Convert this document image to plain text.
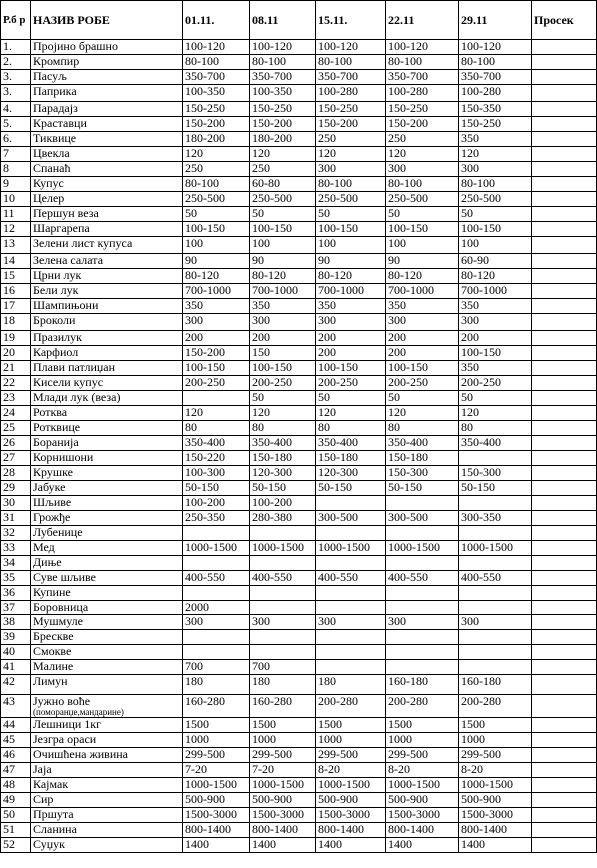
Р.б р	НАЗИВ РОБЕ	01.11.	08.11	15.11.	22.11	29.11	Просек
1.	Пројино брашно	100-120	100-120	100-120	100-120	100-120	
2.	Кромпир	80-100	80-100	80-100	80-100	80-100	
3.	Пасуљ	350-700	350-700	350-700	350-700	350-700	
3.	Паприка	100-350	100-350	100-280	100-280	100-280	
4.	Парадајз	150-250	150-250	150-250	150-250	150-350	
5.	Краставци	150-200	150-200	150-200	150-200	150-250	
6.	Тиквице	180-200	180-200	250	250	350	
7	Цвекла	120	120	120	120	120	
8	Спанаћ	250	250	300	300	300	
9	Купус	80-100	60-80	80-100	80-100	80-100	
10	Целер	250-500	250-500	250-500	250-500	250-500	
11	Першун веза	50	50	50	50	50	
12	Шаргарепа	100-150	100-150	100-150	100-150	100-150	
13	Зелени лист купуса	100	100	100	100	100	
14	Зелена салата	90	90	90	90	60-90	
15	Црни лук	80-120	80-120	80-120	80-120	80-120	
16	Бели лук	700-1000	700-1000	700-1000	700-1000	700-1000	
17	Шампињони	350	350	350	350	350	
18	Броколи	300	300	300	300	300	
19	Празилук	200	200	200	200	200	
20	Карфиол	150-200	150	200	200	100-150	
21	Плави патлиџан	100-150	100-150	100-150	100-150	350	
22	Кисели купус	200-250	200-250	200-250	200-250	200-250	
23	Млади лук (веза)		50	50	50	50	
24	Ротква	120	120	120	120	120	
25	Ротквице	80	80	80	80	80	
26	Боранија	350-400	350-400	350-400	350-400	350-400	
27	Корнишони	150-220	150-180	150-180	150-180		
28	Крушке	100-300	120-300	120-300	150-300	150-300	
29	Јабуке	50-150	50-150	50-150	50-150	50-150	
30	Шљиве	100-200	100-200				
31	Грожђе	250-350	280-380	300-500	300-500	300-350	
32	Лубенице						
33	Мед	1000-1500	1000-1500	1000-1500	1000-1500	1000-1500	
34	Диње						
35	Суве шљиве	400-550	400-550	400-550	400-550	400-550	
36	Купине						
37	Боровница	2000					
38	Мушмуле	300	300	300	300	300	
39	Брескве						
40	Смокве						
41	Малине	700	700				
42	Лимун	180	180	180	160-180	160-180	
43	Јужно воће
(поморанџе,мандарине)	160-280	160-280	200-280	200-280	200-280	
44	Лешници 1кг	1500	1500	1500	1500	1500	
45	Језгра ораси	1000	1000	1000	1000	1000	
46	Очишћена живина	299-500	299-500	299-500	299-500	299-500	
47	Јаја	7-20	7-20	8-20	8-20	8-20	
48	Кајмак	1000-1500	1000-1500	1000-1500	1000-1500	1000-1500	
49	Сир	500-900	500-900	500-900	500-900	500-900	
50	Пршута	1500-3000	1500-3000	1500-3000	1500-3000	1500-3000	
51	Сланина	800-1400	800-1400	800-1400	800-1400	800-1400	
52	Суџук	1400	1400	1400	1400	1400	
